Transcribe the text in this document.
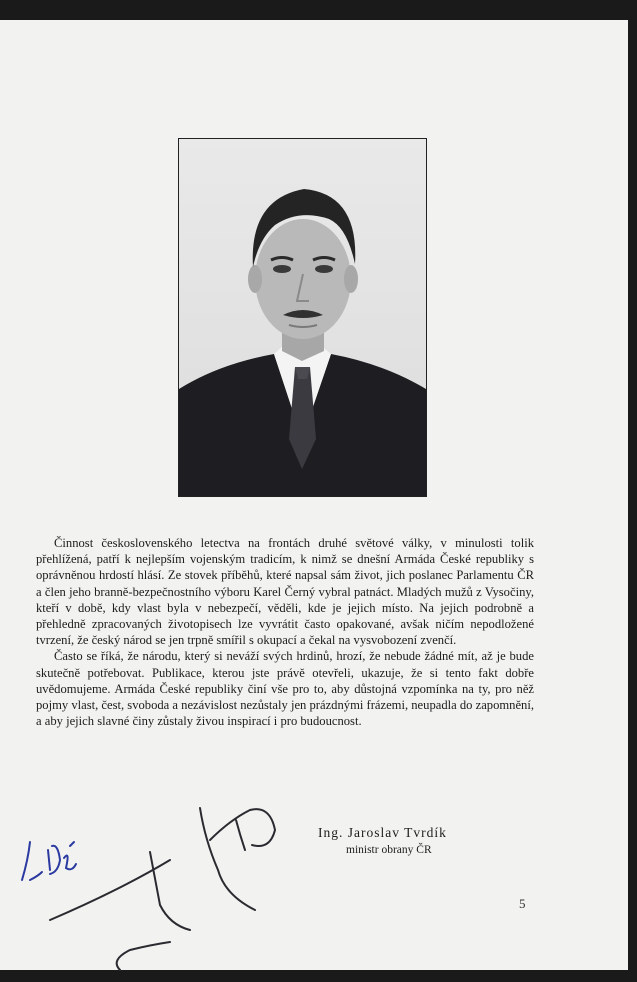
Činnost československého letectva na frontách druhé světové války, v minulosti tolik přehlížená, patří k nejlepším vojenským tradicím, k nimž se dnešní Armáda České republiky s oprávněnou hrdostí hlásí. Ze stovek příběhů, které napsal sám život, jich poslanec Parlamentu ČR a člen jeho branně-bezpečnostního výboru Karel Černý vybral patnáct. Mladých mužů z Vysočiny, kteří v době, kdy vlast byla v nebezpečí, věděli, kde je jejich místo. Na jejich podrobně a přehledně zpracovaných životopisech lze vyvrátit často opakované, avšak ničím nepodložené tvrzení, že český národ se jen trpně smířil s okupací a čekal na vysvobození zvenčí.

Často se říká, že národu, který si neváží svých hrdinů, hrozí, že nebude žádné mít, až je bude skutečně potřebovat. Publikace, kterou jste právě otevřeli, ukazuje, že si tento fakt dobře uvědomujeme. Armáda České republiky činí vše pro to, aby důstojná vzpomínka na ty, pro něž pojmy vlast, čest, svoboda a nezávislost nezůstaly jen prázdnými frázemi, neupadla do zapomnění, a aby jejich slavné činy zůstaly živou inspirací i pro budoucnost.

Ing. Jaroslav Tvrdík
ministr obrany ČR
5
